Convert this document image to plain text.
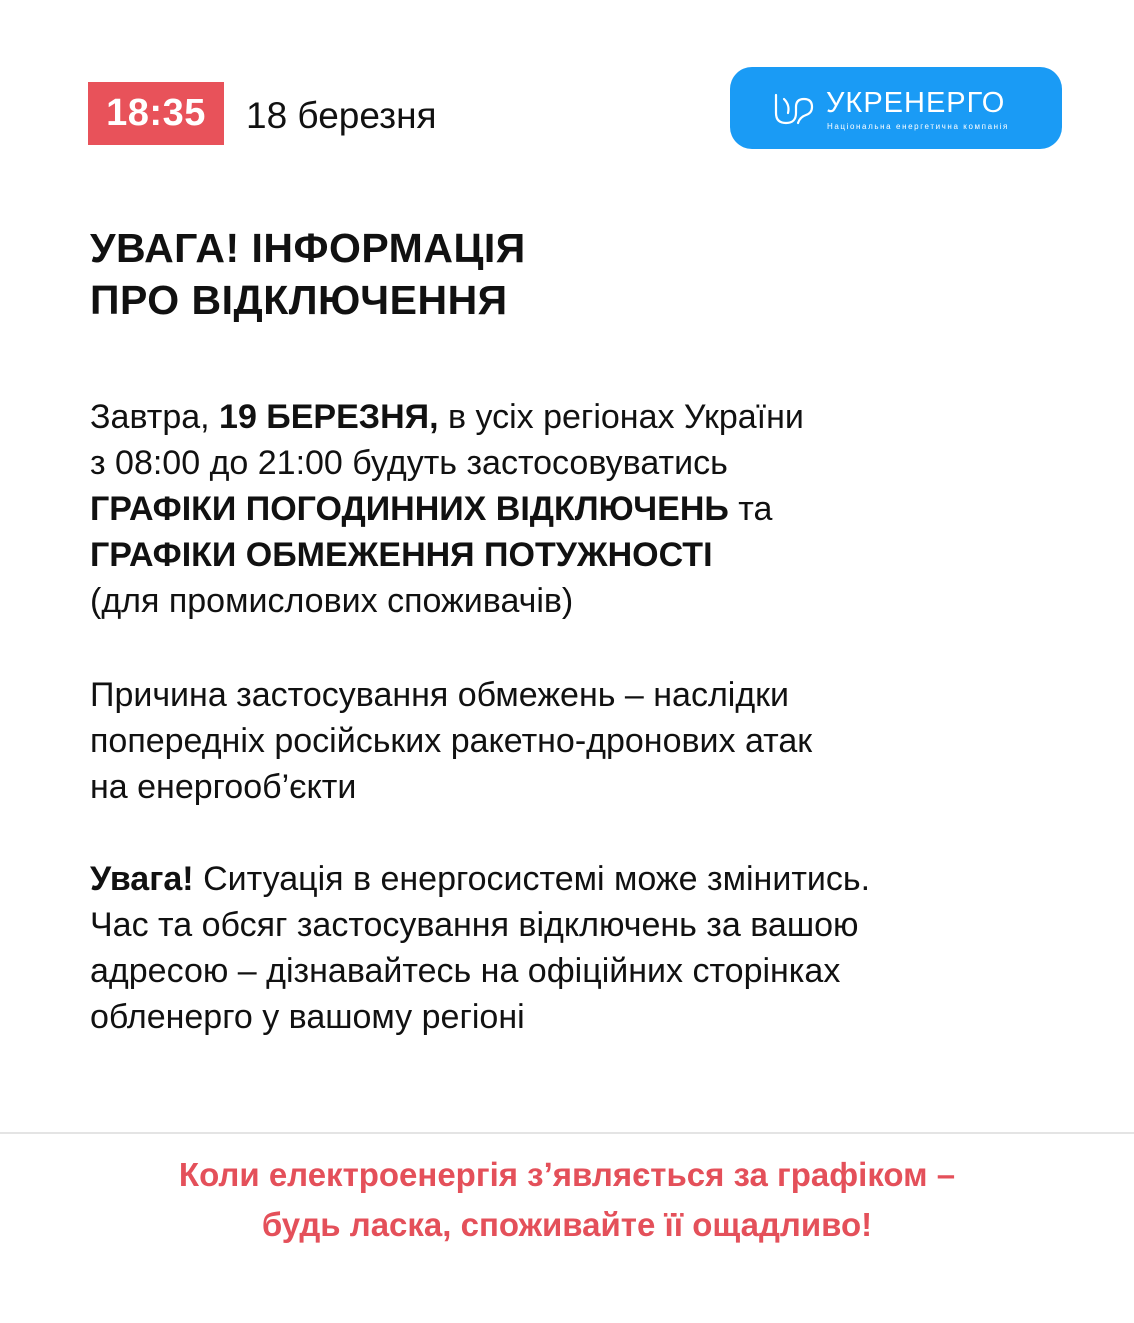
18:35	18 березня	УКРЕНЕРГО
Національна енергетична компанія
УВАГА! ІНФОРМАЦІЯ
ПРО ВІДКЛЮЧЕННЯ
Завтра, 19 БЕРЕЗНЯ, в усіх регіонах України
з 08:00 до 21:00 будуть застосовуватись
ГРАФІКИ ПОГОДИННИХ ВІДКЛЮЧЕНЬ та
ГРАФІКИ ОБМЕЖЕННЯ ПОТУЖНОСТІ
(для промислових споживачів)
Причина застосування обмежень – наслідки
попередніх російських ракетно-дронових атак
на енергооб’єкти
Увага! Ситуація в енергосистемі може змінитись.
Час та обсяг застосування відключень за вашою
адресою – дізнавайтесь на офіційних сторінках
обленерго у вашому регіоні
Коли електроенергія зʼявляється за графіком –
будь ласка, споживайте її ощадливо!
